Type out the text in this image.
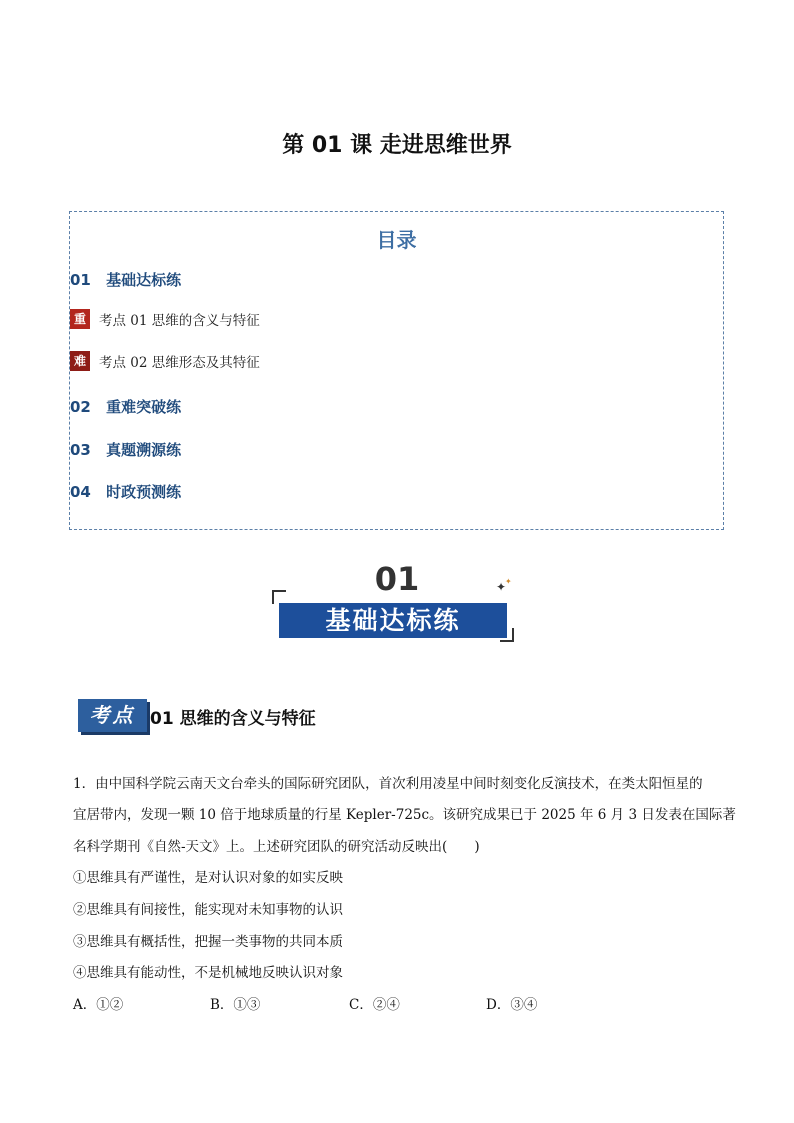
第 01 课 走进思维世界
目录
01 基础达标练
重 考点 01 思维的含义与特征
难 考点 02 思维形态及其特征
02 重难突破练
03 真题溯源练
04 时政预测练
01	✦
✦
基础达标练
考点 01 思维的含义与特征
1．由中国科学院云南天文台牵头的国际研究团队，首次利用凌星中间时刻变化反演技术，在类太阳恒星的
宜居带内，发现一颗 10 倍于地球质量的行星 Kepler-725c。该研究成果已于 2025 年 6 月 3 日发表在国际著
名科学期刊《自然-天文》上。上述研究团队的研究活动反映出(　　)
①思维具有严谨性，是对认识对象的如实反映
②思维具有间接性，能实现对未知事物的认识
③思维具有概括性，把握一类事物的共同本质
④思维具有能动性，不是机械地反映认识对象
A．①②	B．①③	C．②④	D．③④
